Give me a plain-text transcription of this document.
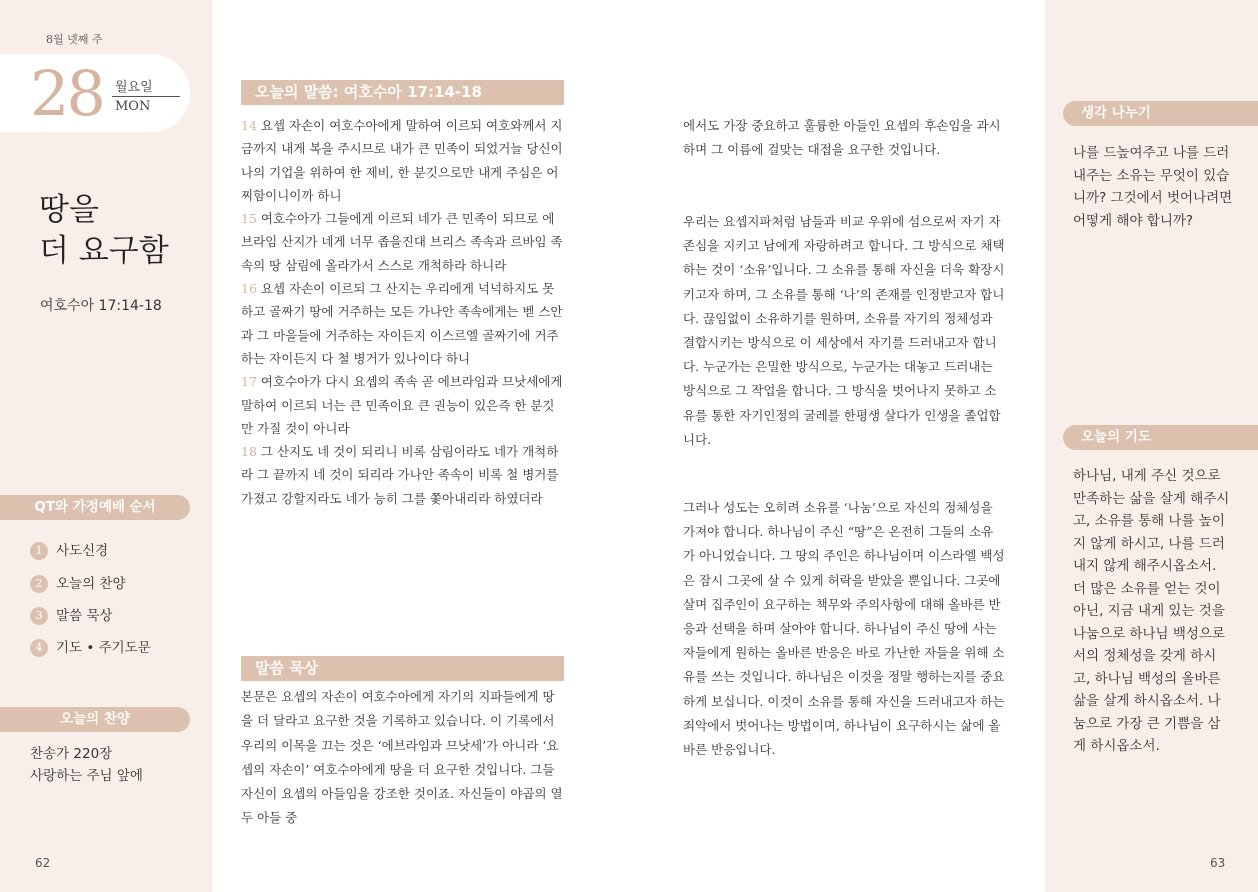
8월 넷째 주
28 월요일
MON
땅을
더 요구함
여호수아 17:14-18
QT와 가정예배 순서
1 사도신경
2 오늘의 찬양
3 말씀 묵상
4 기도 • 주기도문
오늘의 찬양
찬송가 220장
사랑하는 주님 앞에
62
오늘의 말씀: 여호수아 17:14-18
14 요셉 자손이 여호수아에게 말하여 이르되 여호와께서 지금까지 내게 복을 주시므로 내가 큰 민족이 되었거늘 당신이 나의 기업을 위하여 한 제비, 한 분깃으로만 내게 주심은 어찌함이니이까 하니
15 여호수아가 그들에게 이르되 네가 큰 민족이 되므로 에브라임 산지가 네게 너무 좁을진대 브리스 족속과 르바임 족속의 땅 삼림에 올라가서 스스로 개척하라 하니라
16 요셉 자손이 이르되 그 산지는 우리에게 넉넉하지도 못하고 골짜기 땅에 거주하는 모든 가나안 족속에게는 벧 스안과 그 마을들에 거주하는 자이든지 이스르엘 골짜기에 거주하는 자이든지 다 철 병거가 있나이다 하니
17 여호수아가 다시 요셉의 족속 곧 에브라임과 므낫세에게 말하여 이르되 너는 큰 민족이요 큰 권능이 있은즉 한 분깃만 가질 것이 아니라
18 그 산지도 네 것이 되리니 비록 삼림이라도 네가 개척하라 그 끝까지 네 것이 되리라 가나안 족속이 비록 철 병거를 가졌고 강할지라도 네가 능히 그를 쫓아내리라 하였더라
말씀 묵상
본문은 요셉의 자손이 여호수아에게 자기의 지파들에게 땅을 더 달라고 요구한 것을 기록하고 있습니다. 이 기록에서 우리의 이목을 끄는 것은 ‘에브라임과 므낫세’가 아니라 ‘요셉의 자손이’ 여호수아에게 땅을 더 요구한 것입니다. 그들 자신이 요셉의 아들임을 강조한 것이죠. 자신들이 야곱의 열두 아들 중

에서도 가장 중요하고 훌륭한 아들인 요셉의 후손임을 과시하며 그 이름에 걸맞는 대접을 요구한 것입니다.

우리는 요셉지파처럼 남들과 비교 우위에 섬으로써 자기 자존심을 지키고 남에게 자랑하려고 합니다. 그 방식으로 채택하는 것이 ‘소유’입니다. 그 소유를 통해 자신을 더욱 확장시키고자 하며, 그 소유를 통해 ‘나’의 존재를 인정받고자 합니다. 끊임없이 소유하기를 원하며, 소유를 자기의 정체성과 결합시키는 방식으로 이 세상에서 자기를 드러내고자 합니다. 누군가는 은밀한 방식으로, 누군가는 대놓고 드러내는 방식으로 그 작업을 합니다. 그 방식을 벗어나지 못하고 소유를 통한 자기인정의 굴레를 한평생 살다가 인생을 졸업합니다.

그러나 성도는 오히려 소유를 ‘나눔’으로 자신의 정체성을 가져야 합니다. 하나님이 주신 “땅”은 온전히 그들의 소유가 아니었습니다. 그 땅의 주인은 하나님이며 이스라엘 백성은 잠시 그곳에 살 수 있게 허락을 받았을 뿐입니다. 그곳에 살며 집주인이 요구하는 책무와 주의사항에 대해 올바른 반응과 선택을 하며 살아야 합니다. 하나님이 주신 땅에 사는 자들에게 원하는 올바른 반응은 바로 가난한 자들을 위해 소유를 쓰는 것입니다. 하나님은 이것을 정말 행하는지를 중요하게 보십니다. 이것이 소유를 통해 자신을 드러내고자 하는 죄악에서 벗어나는 방법이며, 하나님이 요구하시는 삶에 올바른 반응입니다.

생각 나누기

나를 드높여주고 나를 드러내주는 소유는 무엇이 있습니까? 그것에서 벗어나려면 어떻게 해야 합니까?

오늘의 기도

하나님, 내게 주신 것으로 만족하는 삶을 살게 해주시고, 소유를 통해 나를 높이지 않게 하시고, 나를 드러내지 않게 해주시옵소서. 더 많은 소유를 얻는 것이 아닌, 지금 내게 있는 것을 나눔으로 하나님 백성으로서의 정체성을 갖게 하시고, 하나님 백성의 올바른 삶을 살게 하시옵소서. 나눔으로 가장 큰 기쁨을 삼게 하시옵소서.

63
